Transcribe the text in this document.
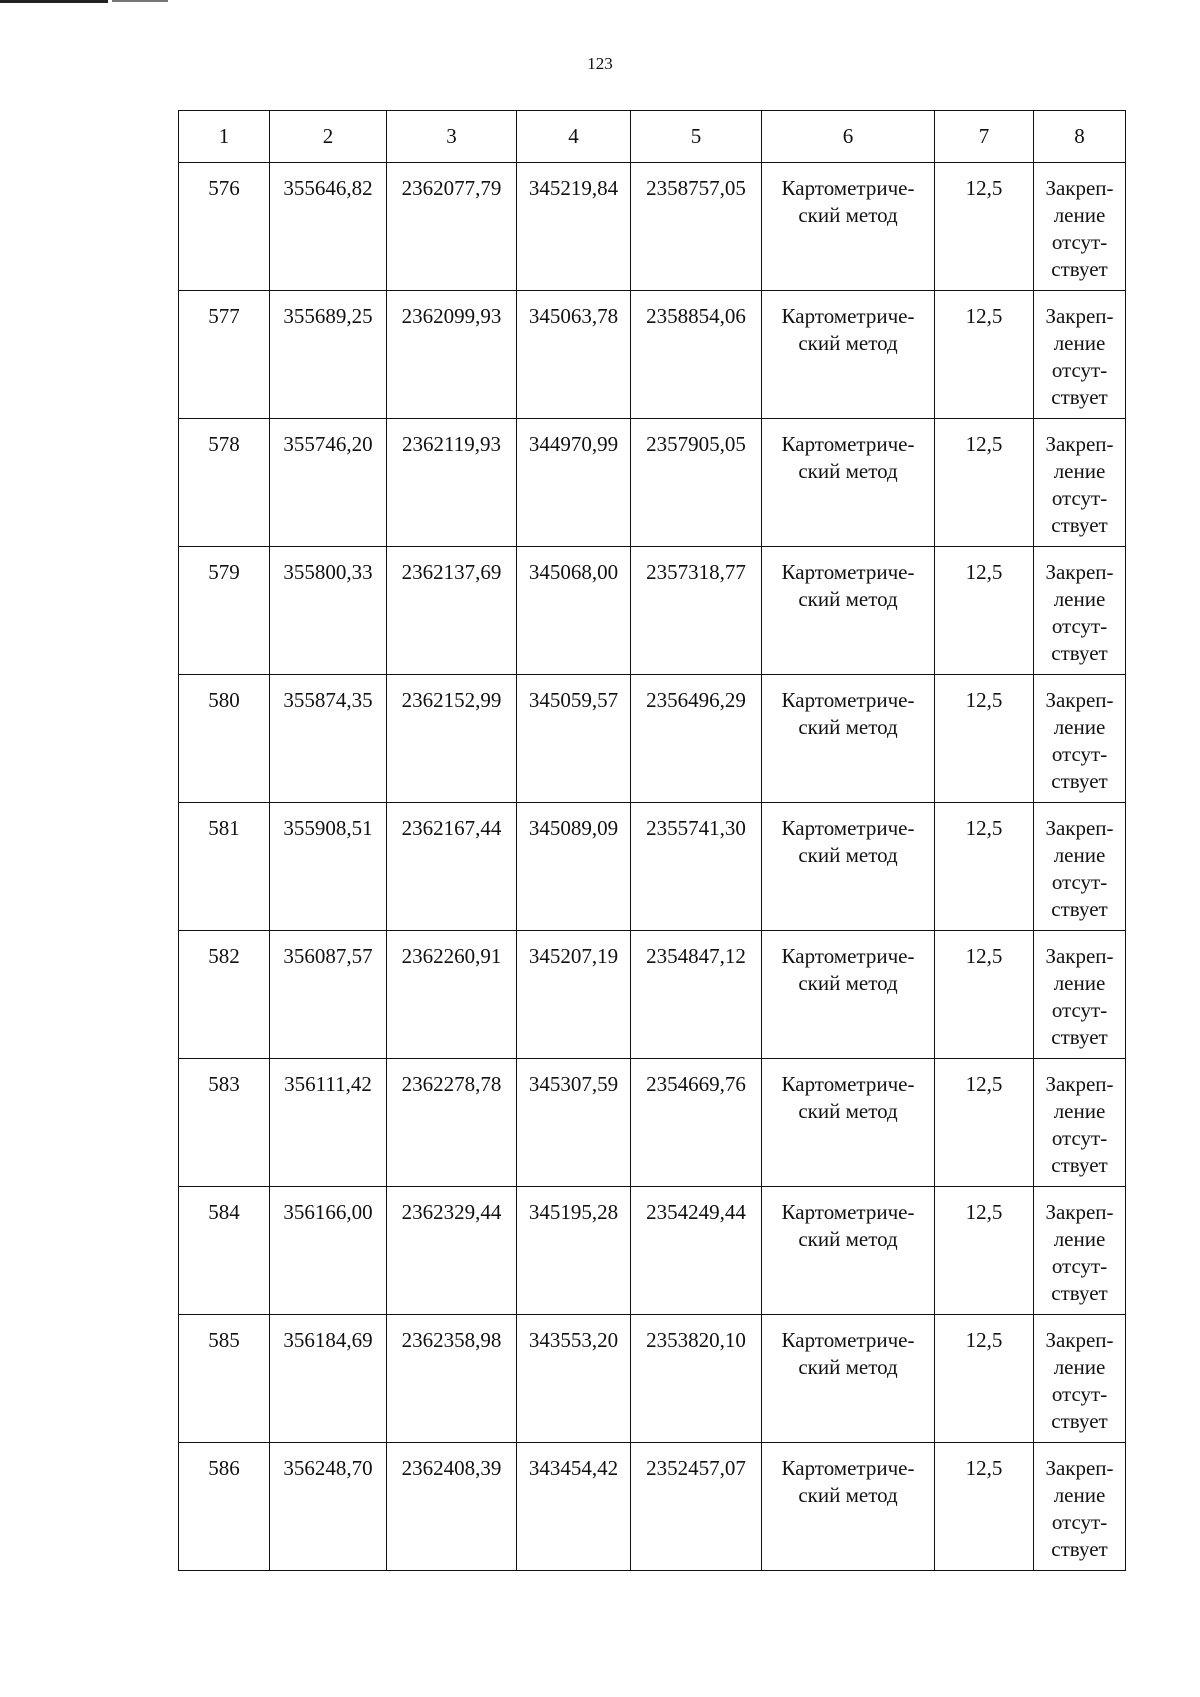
123
1	2	3	4	5	6	7	8
576	355646,82	2362077,79	345219,84	2358757,05	Картометриче-
ский метод	12,5	Закреп-
ление
отсут-
ствует

577	355689,25	2362099,93	345063,78	2358854,06	Картометриче-
ский метод	12,5	Закреп-
ление
отсут-
ствует

578	355746,20	2362119,93	344970,99	2357905,05	Картометриче-
ский метод	12,5	Закреп-
ление
отсут-
ствует

579	355800,33	2362137,69	345068,00	2357318,77	Картометриче-
ский метод	12,5	Закреп-
ление
отсут-
ствует

580	355874,35	2362152,99	345059,57	2356496,29	Картометриче-
ский метод	12,5	Закреп-
ление
отсут-
ствует

581	355908,51	2362167,44	345089,09	2355741,30	Картометриче-
ский метод	12,5	Закреп-
ление
отсут-
ствует

582	356087,57	2362260,91	345207,19	2354847,12	Картометриче-
ский метод	12,5	Закреп-
ление
отсут-
ствует

583	356111,42	2362278,78	345307,59	2354669,76	Картометриче-
ский метод	12,5	Закреп-
ление
отсут-
ствует

584	356166,00	2362329,44	345195,28	2354249,44	Картометриче-
ский метод	12,5	Закреп-
ление
отсут-
ствует

585	356184,69	2362358,98	343553,20	2353820,10	Картометриче-
ский метод	12,5	Закреп-
ление
отсут-
ствует

586	356248,70	2362408,39	343454,42	2352457,07	Картометриче-
ский метод	12,5	Закреп-
ление
отсут-
ствует
